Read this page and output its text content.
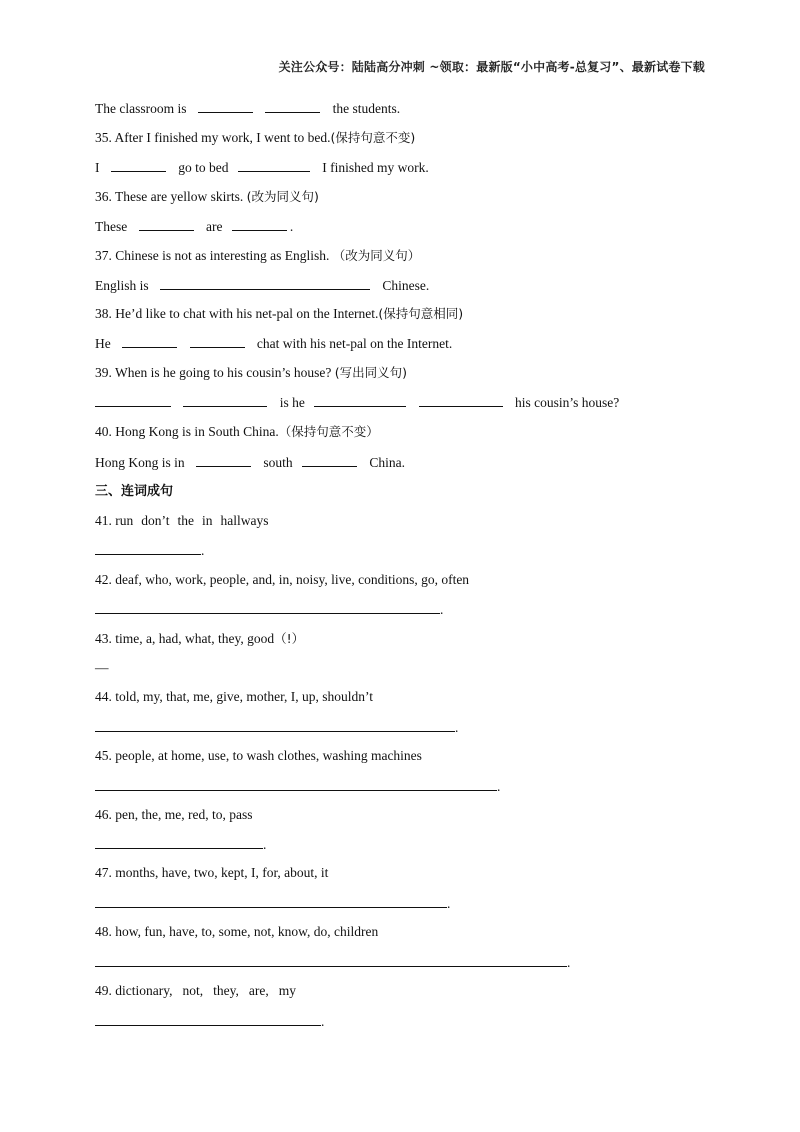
关注公众号：陆陆高分冲刺 ~领取：最新版“小中高考-总复习”、最新试卷下载
The classroom is	the students.
35. After I finished my work, I went to bed.(保持句意不变)
I	go to bed	I finished my work.
36. These are yellow skirts. (改为同义句)
These	are	.
37. Chinese is not as interesting as English. （改为同义句）
English is	Chinese.
38. He’d like to chat with his net-pal on the Internet.(保持句意相同)
He	chat with his net-pal on the Internet.
39. When is he going to his cousin’s house? (写出同义句)
is he	his cousin’s house?
40. Hong Kong is in South China.（保持句意不变）
Hong Kong is in	south	China.
三、连词成句
41. run don’t the in hallways
.
42. deaf, who, work, people, and, in, noisy, live, conditions, go, often
.
43. time, a, had, what, they, good（!）
—
44. told, my, that, me, give, mother, I, up, shouldn’t
.
45. people, at home, use, to wash clothes, washing machines
.
46. pen, the, me, red, to, pass
.
47. months, have, two, kept, I, for, about, it
.
48. how, fun, have, to, some, not, know, do, children
.
49. dictionary, not, they, are, my
.
